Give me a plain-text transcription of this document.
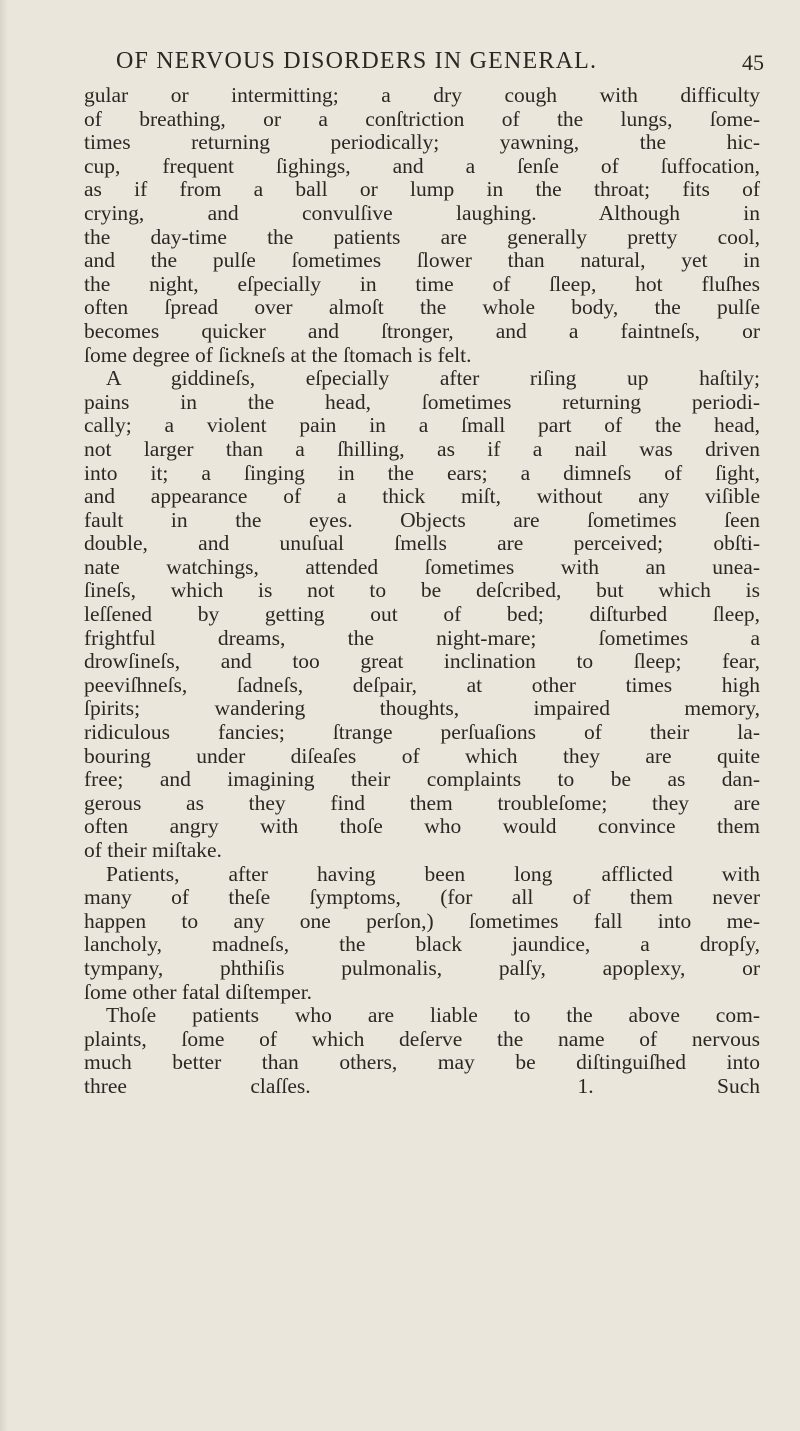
OF NERVOUS DISORDERS IN GENERAL.	45
gular or intermitting; a dry cough with difficulty
of breathing, or a conſtriction of the lungs, ſome-
times returning periodically; yawning, the hic-
cup, frequent ſighings, and a ſenſe of ſuffocation,
as if from a ball or lump in the throat; fits of
crying, and convulſive laughing. Although in
the day-time the patients are generally pretty cool,
and the pulſe ſometimes ſlower than natural, yet in
the night, eſpecially in time of ſleep, hot fluſhes
often ſpread over almoſt the whole body, the pulſe
becomes quicker and ſtronger, and a faintneſs, or
ſome degree of ſickneſs at the ſtomach is felt.
A giddineſs, eſpecially after riſing up haſtily;
pains in the head, ſometimes returning periodi-
cally; a violent pain in a ſmall part of the head,
not larger than a ſhilling, as if a nail was driven
into it; a ſinging in the ears; a dimneſs of ſight,
and appearance of a thick miſt, without any viſible
fault in the eyes. Objects are ſometimes ſeen
double, and unuſual ſmells are perceived; obſti-
nate watchings, attended ſometimes with an unea-
ſineſs, which is not to be deſcribed, but which is
leſſened by getting out of bed; diſturbed ſleep,
frightful dreams, the night-mare; ſometimes a
drowſineſs, and too great inclination to ſleep; fear,
peeviſhneſs, ſadneſs, deſpair, at other times high
ſpirits; wandering thoughts, impaired memory,
ridiculous fancies; ſtrange perſuaſions of their la-
bouring under diſeaſes of which they are quite
free; and imagining their complaints to be as dan-
gerous as they find them troubleſome; they are
often angry with thoſe who would convince them
of their miſtake.
Patients, after having been long afflicted with
many of theſe ſymptoms, (for all of them never
happen to any one perſon,) ſometimes fall into me-
lancholy, madneſs, the black jaundice, a dropſy,
tympany, phthiſis pulmonalis, palſy, apoplexy, or
ſome other fatal diſtemper.
Thoſe patients who are liable to the above com-
plaints, ſome of which deſerve the name of nervous
much better than others, may be diſtinguiſhed into
three claſſes.	1. Such
